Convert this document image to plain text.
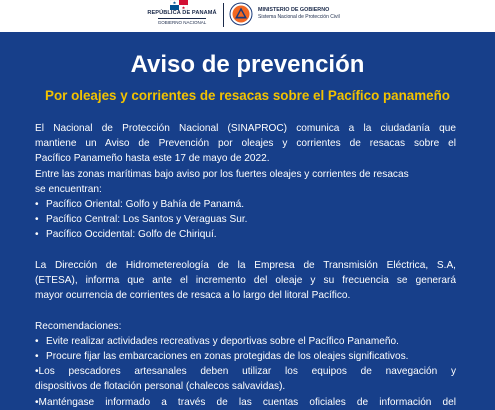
REPÚBLICA DE PANAMÁ
GOBIERNO NACIONAL
MINISTERIO DE GOBIERNO
Sistema Nacional de Protección Civil
Aviso de prevención
Por oleajes y corrientes de resacas sobre el Pacífico panameño

El Nacional de Protección Nacional (SINAPROC) comunica a la ciudadanía que

mantiene un Aviso de Prevención por oleajes y corrientes de resacas sobre el

Pacífico Panameño hasta este 17 de mayo de 2022.

Entre las zonas marítimas bajo aviso por los fuertes oleajes y corrientes de resacas

se encuentran:

• Pacífico Oriental: Golfo y Bahía de Panamá.

• Pacífico Central: Los Santos y Veraguas Sur.

• Pacífico Occidental: Golfo de Chiriquí.

La Dirección de Hidrometereología de la Empresa de Transmisión Eléctrica, S.A,

(ETESA), informa que ante el incremento del oleaje y su frecuencia se generará

mayor ocurrencia de corrientes de resaca a lo largo del litoral Pacífico.

Recomendaciones:

• Evite realizar actividades recreativas y deportivas sobre el Pacífico Panameño.

• Procure fijar las embarcaciones en zonas protegidas de los oleajes significativos.

•Los pescadores artesanales deben utilizar los equipos de navegación y

dispositivos de flotación personal (chalecos salvavidas).

•Manténgase informado a través de las cuentas oficiales de información del
